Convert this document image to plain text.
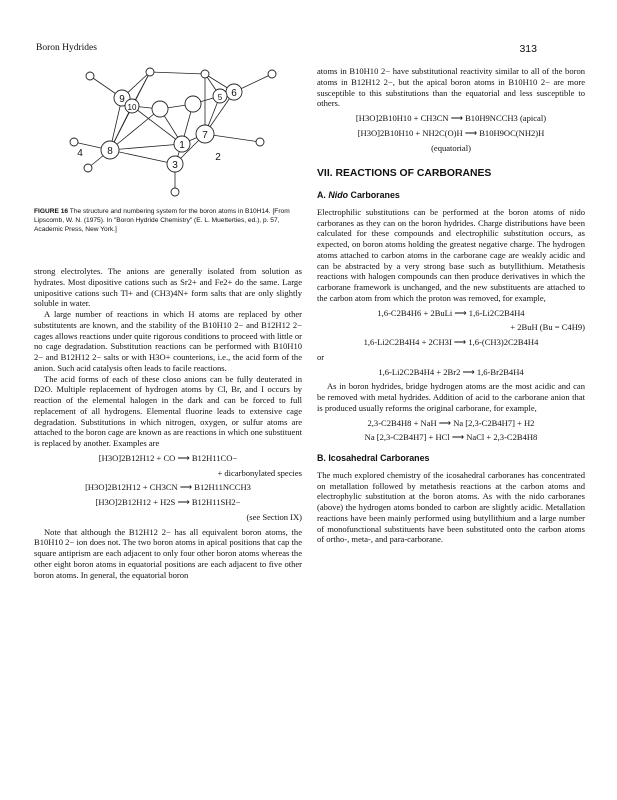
Boron Hydrides	313
9
10
5 6
8
1
7
4	2
3
FIGURE 16 The structure and numbering system for the boron atoms in B10H14. [From Lipscomb, W. N. (1975). In "Boron Hydride Chemistry" (E. L. Muetterties, ed.), p. 57, Academic Press, New York.]

strong electrolytes. The anions are generally isolated from solution as hydrates. Most dipositive cations such as Sr2+ and Fe2+ do the same. Large unipositive cations such Tl+ and (CH3)4N+ form salts that are only slightly soluble in water.

A large number of reactions in which H atoms are replaced by other substitutents are known, and the stability of the B10H10 2− and B12H12 2− cages allows reactions under quite rigorous conditions to proceed with little or no cage degradation. Substitution reactions can be performed with B10H10 2− and B12H12 2− salts or with H3O+ counterions, i.e., the acid form of the anion. Such acid catalysis often leads to facile reactions.

The acid forms of each of these closo anions can be fully deuterated in D2O. Multiple replacement of hydrogen atoms by Cl, Br, and I occurs by reaction of the elemental halogen in the dark and can be forced to full replacement of all hydrogens. Elemental fluorine leads to extensive cage degradation. Substitutions in which nitrogen, oxygen, or sulfur atoms are attached to the boron cage are known as are reactions in which one substituent is replaced by another. Examples are

[H3O]2B12H12 + CO ⟶ B12H11CO−
+ dicarbonylated species
[H3O]2B12H12 + CH3CN ⟶ B12H11NCCH3
[H3O]2B12H12 + H2S ⟶ B12H11SH2−
(see Section IX)

Note that although the B12H12 2− has all equivalent boron atoms, the B10H10 2− ion does not. The two boron atoms in apical positions that cap the square antiprism are each adjacent to only four other boron atoms whereas the other eight boron atoms in equatorial positions are each adjacent to five other boron atoms. In general, the equatorial boron

atoms in B10H10 2− have substitutional reactivity similar to all of the boron atoms in B12H12 2−, but the apical boron atoms in B10H10 2− are more susceptible to this substitutions than the equatorial and less susceptible to others.

[H3O]2B10H10 + CH3CN ⟶ B10H9NCCH3 (apical)
[H3O]2B10H10 + NH2C(O)H ⟶ B10H9OC(NH2)H
(equatorial)
VII. REACTIONS OF CARBORANES
A. Nido Carboranes

Electrophilic substitutions can be performed at the boron atoms of nido carboranes as they can on the boron hydrides. Charge distributions have been calculated for these compounds and electrophilic substitution occurs, as expected, on boron atoms holding the greatest negative charge. The hydrogen atoms attached to carbon atoms in the carborane cage are weakly acidic and can be abstracted by a very strong base such as butyllithium. Metathesis reactions with halogen compounds can then produce derivatives in which the carborane framework is unchanged, and the new substituents are attached to the carbon atom from which the proton was removed, for example,

1,6-C2B4H6 + 2BuLi ⟶ 1,6-Li2C2B4H4
+ 2BuH (Bu = C4H9)
1,6-Li2C2B4H4 + 2CH3I ⟶ 1,6-(CH3)2C2B4H4
or
1,6-Li2C2B4H4 + 2Br2 ⟶ 1,6-Br2B4H4

As in boron hydrides, bridge hydrogen atoms are the most acidic and can be removed with metal hydrides. Addition of acid to the carborane anion that is produced usually reforms the original carborane, for example,

2,3-C2B4H8 + NaH ⟶ Na [2,3-C2B4H7] + H2
Na [2,3-C2B4H7] + HCl ⟶ NaCl + 2,3-C2B4H8
B. Icosahedral Carboranes

The much explored chemistry of the icosahedral carboranes has concentrated on metallation followed by metathesis reactions at the carbon atoms and electrophylic substitution at the boron atoms. As with the nido carboranes (above) the hydrogen atoms bonded to carbon are slightly acidic. Metallation reactions have been mainly performed using butyllithium and a large number of monofunctional substituents have been substituted onto the carbon atoms of ortho-, meta-, and para-carborane.
